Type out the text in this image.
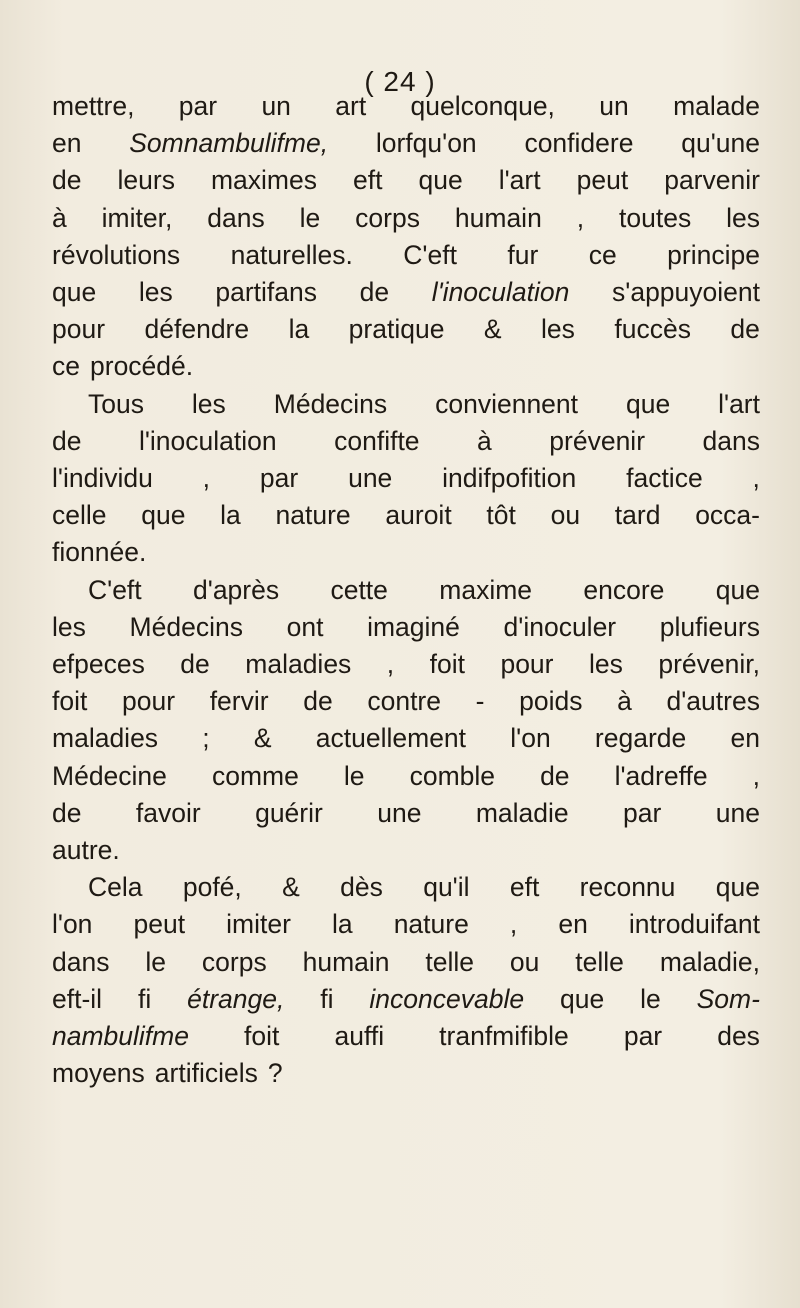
( 24 )
mettre, par un art quelconque, un malade
en Somnambulifme, lorfqu'on confidere qu'une
de leurs maximes eft que l'art peut parvenir
à imiter, dans le corps humain , toutes les
révolutions naturelles. C'eft fur ce principe
que les partifans de l'inoculation s'appuyoient
pour défendre la pratique & les fuccès de
ce procédé.
Tous les Médecins conviennent que l'art
de l'inoculation confifte à prévenir dans
l'individu , par une indifpofition factice ,
celle que la nature auroit tôt ou tard occa-
fionnée.
C'eft d'après cette maxime encore que
les Médecins ont imaginé d'inoculer plufieurs
efpeces de maladies , foit pour les prévenir,
foit pour fervir de contre - poids à d'autres
maladies ; & actuellement l'on regarde en
Médecine comme le comble de l'adreffe ,
de favoir guérir une maladie par une
autre.
Cela pofé, & dès qu'il eft reconnu que
l'on peut imiter la nature , en introduifant
dans le corps humain telle ou telle maladie,
eft-il fi étrange, fi inconcevable que le Som-
nambulifme foit auffi tranfmifible par des
moyens artificiels ?
